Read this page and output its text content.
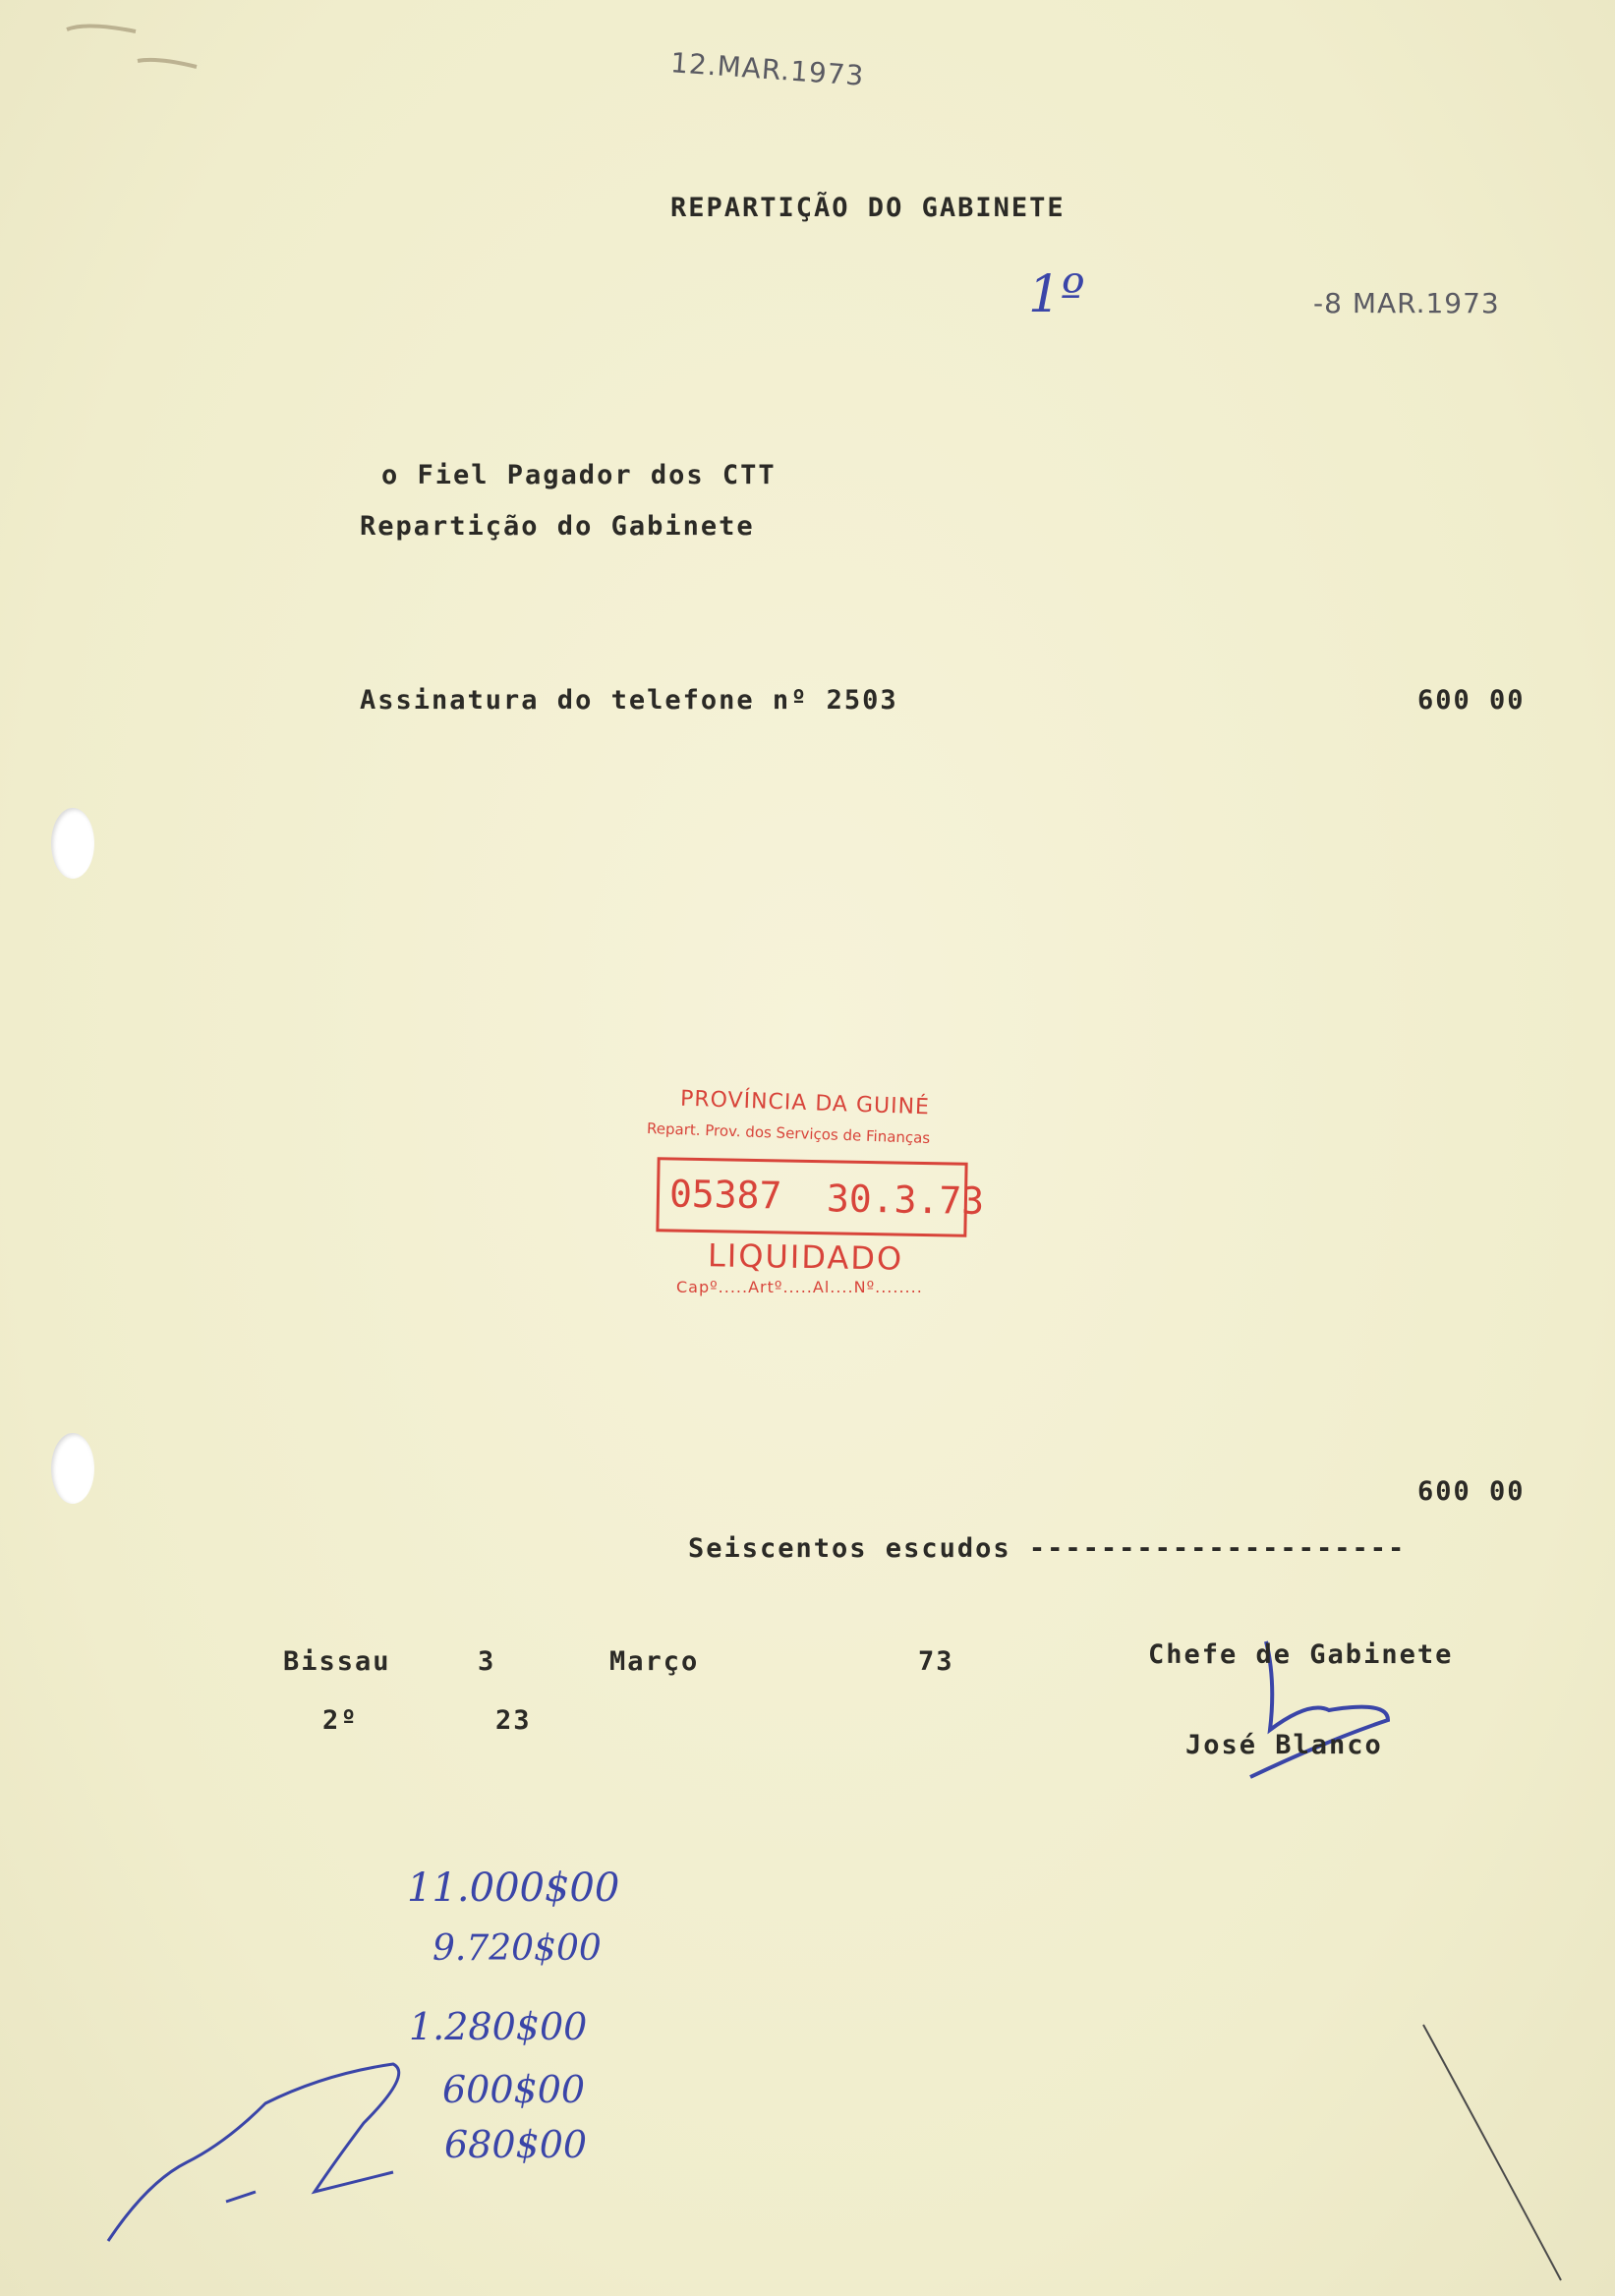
12.MAR.1973
REPARTIÇÃO DO GABINETE
1º	-8 MAR.1973
o Fiel Pagador dos CTT
Repartição do Gabinete
Assinatura do telefone nº 2503	600 00
PROVÍNCIA DA GUINÉ
Repart. Prov. dos Serviços de Finanças
05387 30.3.73
LIQUIDADO
Capº.....Artº.....Al....Nº........
600 00
Seiscentos escudos ---------------------
Bissau	3	Março	73
2º	23
Chefe de Gabinete
José Blanco
11.000$00
9.720$00
1.280$00
600$00
680$00
